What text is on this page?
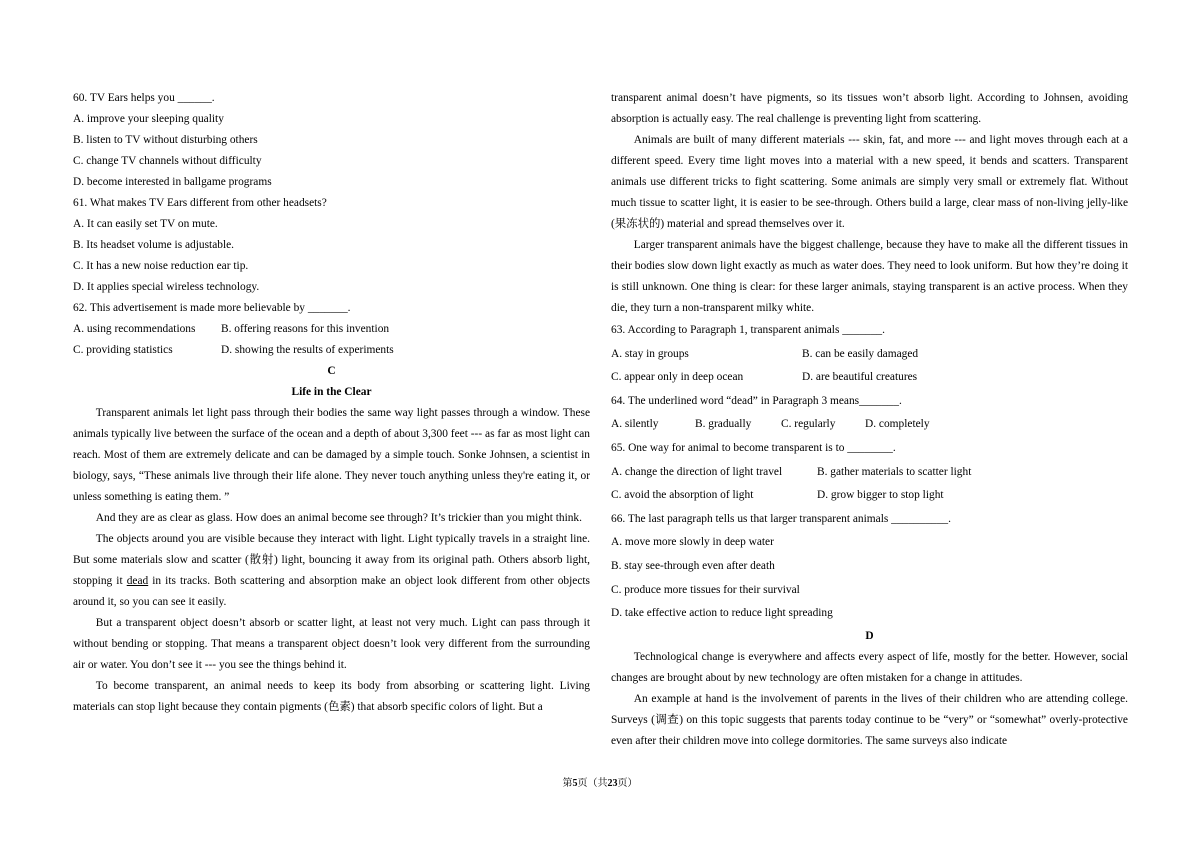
60. TV Ears helps you ______.
A. improve your sleeping quality
B. listen to TV without disturbing others
C. change TV channels without difficulty
D. become interested in ballgame programs
61. What makes TV Ears different from other headsets?
A. It can easily set TV on mute.
B. Its headset volume is adjustable.
C. It has a new noise reduction ear tip.
D. It applies special wireless technology.
62. This advertisement is made more believable by _______.
A. using recommendations	B. offering reasons for this invention
C. providing statistics	D. showing the results of experiments
C
Life in the Clear

Transparent animals let light pass through their bodies the same way light passes through a window. These animals typically live between the surface of the ocean and a depth of about 3,300 feet --- as far as most light can reach. Most of them are extremely delicate and can be damaged by a simple touch. Sonke Johnsen, a scientist in biology, says, “These animals live through their life alone. They never touch anything unless they're eating it, or unless something is eating them. ”

And they are as clear as glass. How does an animal become see through? It’s trickier than you might think.

The objects around you are visible because they interact with light. Light typically travels in a straight line. But some materials slow and scatter (散射) light, bouncing it away from its original path. Others absorb light, stopping it dead in its tracks. Both scattering and absorption make an object look different from other objects around it, so you can see it easily.

But a transparent object doesn’t absorb or scatter light, at least not very much. Light can pass through it without bending or stopping. That means a transparent object doesn’t look very different from the surrounding air or water. You don’t see it --- you see the things behind it.

To become transparent, an animal needs to keep its body from absorbing or scattering light. Living materials can stop light because they contain pigments (色素) that absorb specific colors of light. But a

transparent animal doesn’t have pigments, so its tissues won’t absorb light. According to Johnsen, avoiding absorption is actually easy. The real challenge is preventing light from scattering.

Animals are built of many different materials --- skin, fat, and more --- and light moves through each at a different speed. Every time light moves into a material with a new speed, it bends and scatters. Transparent animals use different tricks to fight scattering. Some animals are simply very small or extremely flat. Without much tissue to scatter light, it is easier to be see-through. Others build a large, clear mass of non-living jelly-like (果冻状的) material and spread themselves over it.

Larger transparent animals have the biggest challenge, because they have to make all the different tissues in their bodies slow down light exactly as much as water does. They need to look uniform. But how they’re doing it is still unknown. One thing is clear: for these larger animals, staying transparent is an active process. When they die, they turn a non-transparent milky white.

63. According to Paragraph 1, transparent animals _______.
A. stay in groups	B. can be easily damaged
C. appear only in deep ocean	D. are beautiful creatures
64. The underlined word “dead” in Paragraph 3 means_______.
A. silently	B. gradually	C. regularly	D. completely
65. One way for animal to become transparent is to ________.
A. change the direction of light travel	B. gather materials to scatter light
C. avoid the absorption of light	D. grow bigger to stop light
66. The last paragraph tells us that larger transparent animals __________.
A. move more slowly in deep water
B. stay see-through even after death
C. produce more tissues for their survival
D. take effective action to reduce light spreading
D

Technological change is everywhere and affects every aspect of life, mostly for the better. However, social changes are brought about by new technology are often mistaken for a change in attitudes.

An example at hand is the involvement of parents in the lives of their children who are attending college. Surveys (调查) on this topic suggests that parents today continue to be “very” or “somewhat” overly-protective even after their children move into college dormitories. The same surveys also indicate

第5页（共23页）
